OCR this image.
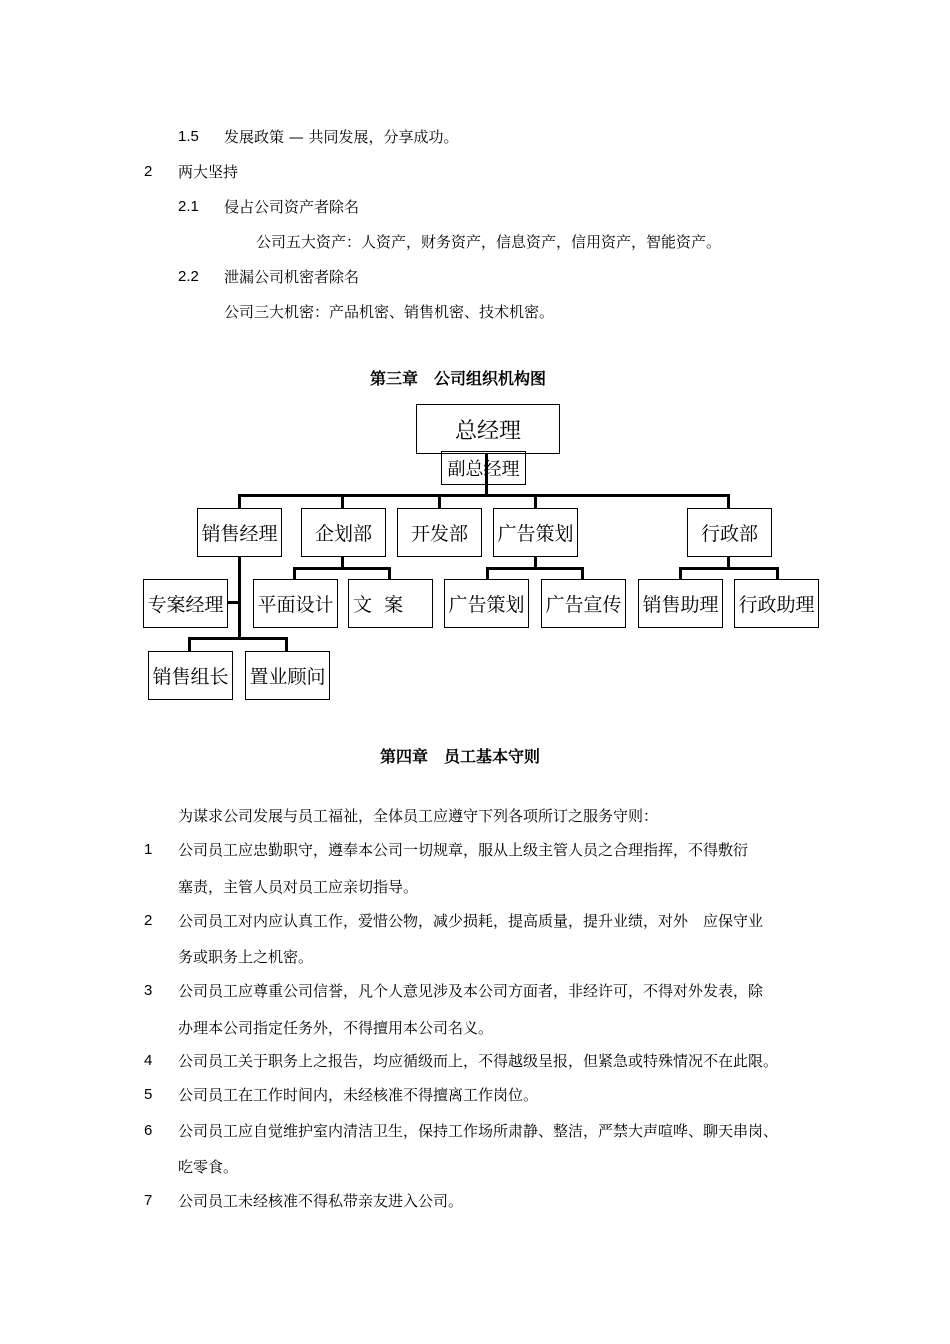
1.5 发展政策 — 共同发展，分享成功。
2 两大坚持
2.1 侵占公司资产者除名
公司五大资产：人资产，财务资产，信息资产，信用资产，智能资产。
2.2 泄漏公司机密者除名
公司三大机密：产品机密、销售机密、技术机密。
第三章　公司组织机构图
总经理
副总经理
销售经理	企划部	开发部	广告策划	行政部
专案经理 平面设计 文  案	广告策划 广告宣传 销售助理 行政助理
销售组长 置业顾问
第四章　员工基本守则
为谋求公司发展与员工福祉，全体员工应遵守下列各项所订之服务守则：
1 公司员工应忠勤职守，遵奉本公司一切规章，服从上级主管人员之合理指挥，不得敷衍
塞责，主管人员对员工应亲切指导。
2 公司员工对内应认真工作，爱惜公物，减少损耗，提高质量，提升业绩，对外　应保守业
务或职务上之机密。
3 公司员工应尊重公司信誉，凡个人意见涉及本公司方面者，非经许可，不得对外发表，除
办理本公司指定任务外，不得擅用本公司名义。
4 公司员工关于职务上之报告，均应循级而上，不得越级呈报，但紧急或特殊情况不在此限。
5 公司员工在工作时间内，未经核准不得擅离工作岗位。
6 公司员工应自觉维护室内清洁卫生，保持工作场所肃静、整洁，严禁大声喧哗、聊天串岗、
吃零食。
7 公司员工未经核准不得私带亲友进入公司。
